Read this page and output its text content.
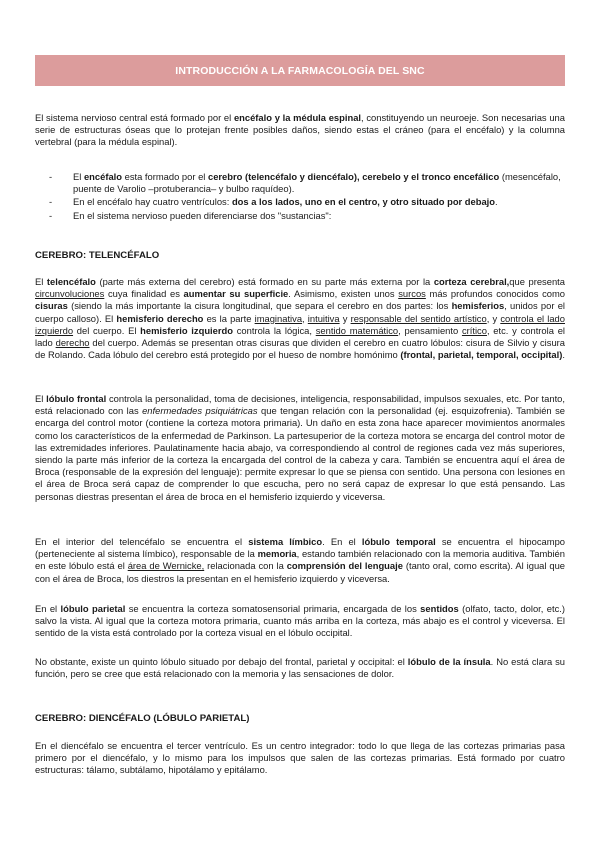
INTRODUCCIÓN A LA FARMACOLOGÍA DEL SNC
El sistema nervioso central está formado por el encéfalo y la médula espinal, constituyendo un neuroeje. Son necesarias una serie de estructuras óseas que lo protejan frente posibles daños, siendo estas el cráneo (para el encéfalo) y la columna vertebral (para la médula espinal).
- El encéfalo esta formado por el cerebro (telencéfalo y diencéfalo), cerebelo y el tronco encefálico (mesencéfalo, puente de Varolio –protuberancia– y bulbo raquídeo).
- En el encéfalo hay cuatro ventrículos: dos a los lados, uno en el centro, y otro situado por debajo.
- En el sistema nervioso pueden diferenciarse dos "sustancias":
CEREBRO: TELENCÉFALO
El telencéfalo (parte más externa del cerebro) está formado en su parte más externa por la corteza cerebral,que presenta circunvoluciones cuya finalidad es aumentar su superficie. Asimismo, existen unos surcos más profundos conocidos como cisuras (siendo la más importante la cisura longitudinal, que separa el cerebro en dos partes: los hemisferios, unidos por el cuerpo calloso). El hemisferio derecho es la parte imaginativa, intuitiva y responsable del sentido artístico, y controla el lado izquierdo del cuerpo. El hemisferio izquierdo controla la lógica, sentido matemático, pensamiento crítico, etc. y controla el lado derecho del cuerpo. Además se presentan otras cisuras que dividen el cerebro en cuatro lóbulos: cisura de Silvio y cisura de Rolando. Cada lóbulo del cerebro está protegido por el hueso de nombre homónimo (frontal, parietal, temporal, occipital).
El lóbulo frontal controla la personalidad, toma de decisiones, inteligencia, responsabilidad, impulsos sexuales, etc. Por tanto, está relacionado con las enfermedades psiquiátricas que tengan relación con la personalidad (ej. esquizofrenia). También se encarga del control motor (contiene la corteza motora primaria). Un daño en esta zona hace aparecer movimientos anormales como los característicos de la enfermedad de Parkinson. La partesuperior de la corteza motora se encarga del control motor de las extremidades inferiores. Paulatinamente hacia abajo, va correspondiendo al control de regiones cada vez más superiores, siendo la parte más inferior de la corteza la encargada del control de la cabeza y cara. También se encuentra aquí el área de Broca (responsable de la expresión del lenguaje): permite expresar lo que se piensa con sentido. Una persona con lesiones en el área de Broca será capaz de comprender lo que escucha, pero no será capaz de expresar lo que está pensando. Las personas diestras presentan el área de broca en el hemisferio izquierdo y viceversa.
En el interior del telencéfalo se encuentra el sistema límbico. En el lóbulo temporal se encuentra el hipocampo (perteneciente al sistema límbico), responsable de la memoria, estando también relacionado con la memoria auditiva. También en este lóbulo está el área de Wernicke, relacionada con la comprensión del lenguaje (tanto oral, como escrita). Al igual que con el área de Broca, los diestros la presentan en el hemisferio izquierdo y viceversa.
En el lóbulo parietal se encuentra la corteza somatosensorial primaria, encargada de los sentidos (olfato, tacto, dolor, etc.) salvo la vista. Al igual que la corteza motora primaria, cuanto más arriba en la corteza, más abajo es el control y viceversa. El sentido de la vista está controlado por la corteza visual en el lóbulo occipital.
No obstante, existe un quinto lóbulo situado por debajo del frontal, parietal y occipital: el lóbulo de la ínsula. No está clara su función, pero se cree que está relacionado con la memoria y las sensaciones de dolor.
CEREBRO: DIENCÉFALO (LÓBULO PARIETAL)
En el diencéfalo se encuentra el tercer ventrículo. Es un centro integrador: todo lo que llega de las cortezas primarias pasa primero por el diencéfalo, y lo mismo para los impulsos que salen de las cortezas primarias. Está formado por cuatro estructuras: tálamo, subtálamo, hipotálamo y epitálamo.
